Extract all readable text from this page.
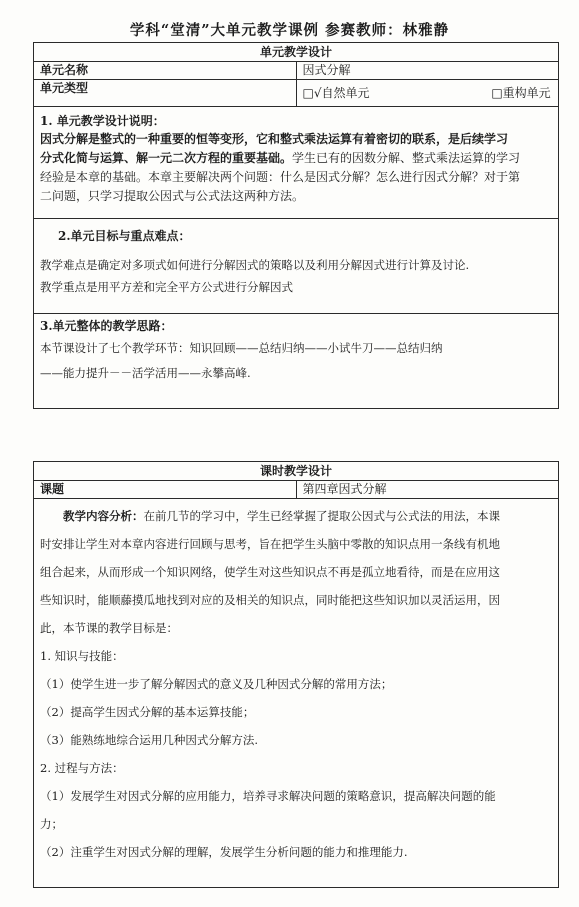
学科“堂清”大单元教学课例 参赛教师：林雅静
单元教学设计	
单元名称	因式分解
单元类型	□√自然单元 □重构单元

1. 单元教学设计说明：

因式分解是整式的一种重要的恒等变形，它和整式乘法运算有着密切的联系，是后续学习
分式化简与运算、解一元二次方程的重要基础。学生已有的因数分解、整式乘法运算的学习
经验是本章的基础。本章主要解决两个问题：什么是因式分解？怎么进行因式分解？对于第
二问题，只学习提取公因式与公式法这两种方法。	

2.单元目标与重点难点：

教学难点是确定对多项式如何进行分解因式的策略以及利用分解因式进行计算及讨论.
教学重点是用平方差和完全平方公式进行分解因式	

3.单元整体的教学思路：

本节课设计了七个教学环节：知识回顾——总结归纳——小试牛刀——总结归纳
——能力提升－－活学活用——永攀高峰.	

课时教学设计
课题	第四章因式分解

教学内容分析：在前几节的学习中，学生已经掌握了提取公因式与公式法的用法，本课

时安排让学生对本章内容进行回顾与思考，旨在把学生头脑中零散的知识点用一条线有机地

组合起来，从而形成一个知识网络，使学生对这些知识点不再是孤立地看待，而是在应用这

些知识时，能顺藤摸瓜地找到对应的及相关的知识点，同时能把这些知识加以灵活运用，因

此，本节课的教学目标是：

1. 知识与技能：

（1）使学生进一步了解分解因式的意义及几种因式分解的常用方法；

（2）提高学生因式分解的基本运算技能；

（3）能熟练地综合运用几种因式分解方法.

2. 过程与方法：

（1）发展学生对因式分解的应用能力，培养寻求解决问题的策略意识，提高解决问题的能

力；

（2）注重学生对因式分解的理解，发展学生分析问题的能力和推理能力.
